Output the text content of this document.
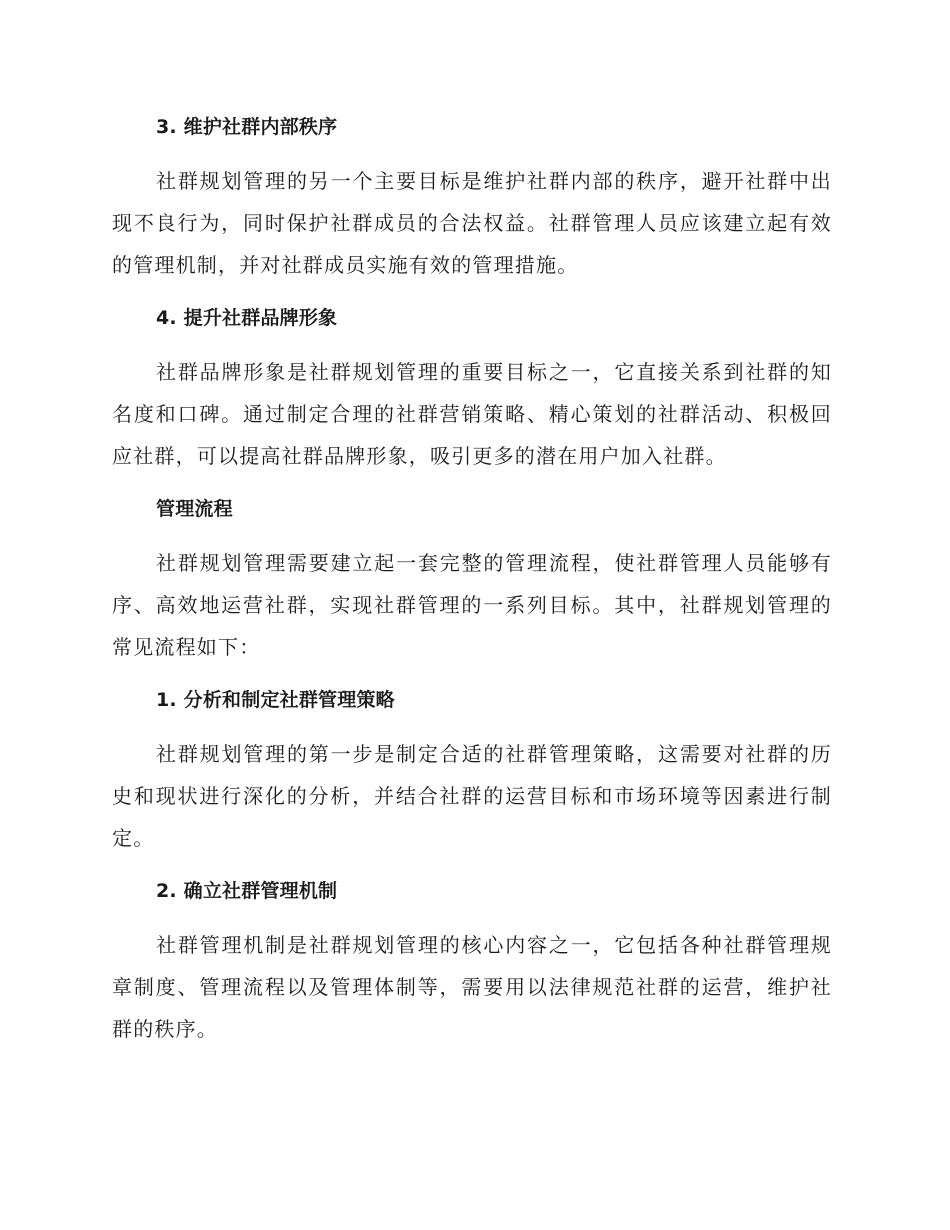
3. 维护社群内部秩序

社群规划管理的另一个主要目标是维护社群内部的秩序，避开社群中出现不良行为，同时保护社群成员的合法权益。社群管理人员应该建立起有效的管理机制，并对社群成员实施有效的管理措施。

4. 提升社群品牌形象

社群品牌形象是社群规划管理的重要目标之一，它直接关系到社群的知名度和口碑。通过制定合理的社群营销策略、精心策划的社群活动、积极回应社群，可以提高社群品牌形象，吸引更多的潜在用户加入社群。

管理流程

社群规划管理需要建立起一套完整的管理流程，使社群管理人员能够有序、高效地运营社群，实现社群管理的一系列目标。其中，社群规划管理的常见流程如下：

1. 分析和制定社群管理策略

社群规划管理的第一步是制定合适的社群管理策略，这需要对社群的历史和现状进行深化的分析，并结合社群的运营目标和市场环境等因素进行制定。

2. 确立社群管理机制

社群管理机制是社群规划管理的核心内容之一，它包括各种社群管理规章制度、管理流程以及管理体制等，需要用以法律规范社群的运营，维护社群的秩序。
